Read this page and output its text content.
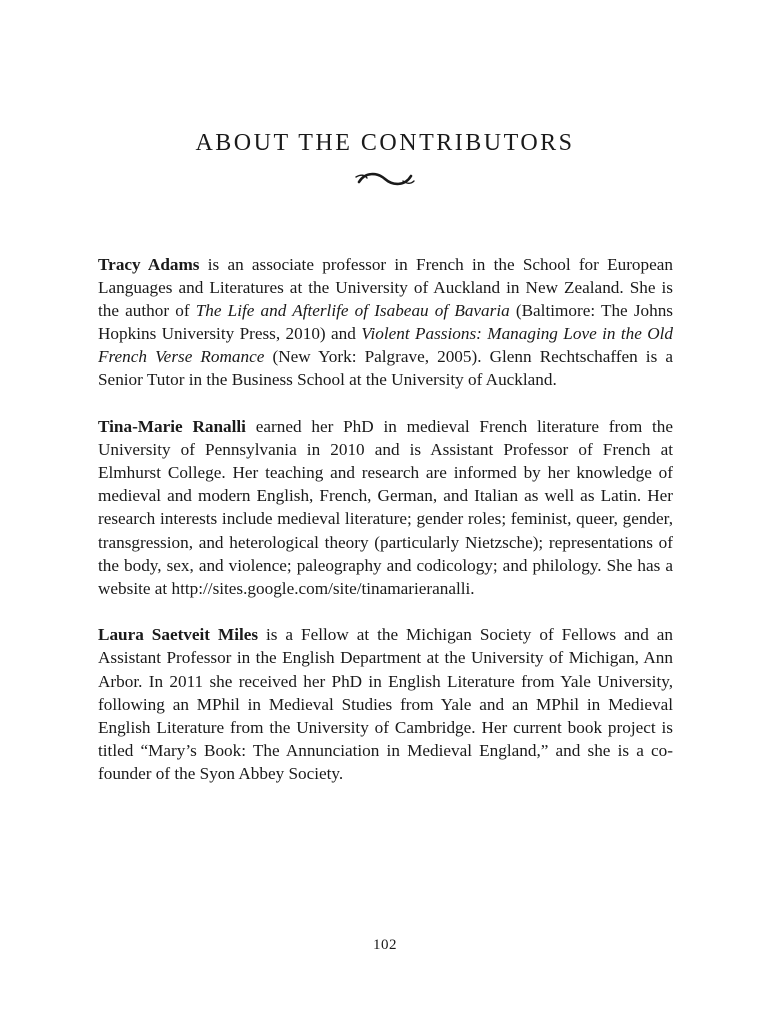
ABOUT THE CONTRIBUTORS

Tracy Adams is an associate professor in French in the School for European Languages and Literatures at the University of Auckland in New Zealand. She is the author of The Life and Afterlife of Isabeau of Bavaria (Baltimore: The Johns Hopkins University Press, 2010) and Violent Passions: Managing Love in the Old French Verse Romance (New York: Palgrave, 2005). Glenn Rechtschaffen is a Senior Tutor in the Business School at the University of Auckland.

Tina-Marie Ranalli earned her PhD in medieval French literature from the University of Pennsylvania in 2010 and is Assistant Professor of French at Elmhurst College. Her teaching and research are informed by her knowledge of medieval and modern English, French, German, and Italian as well as Latin. Her research interests include medieval literature; gender roles; feminist, queer, gender, transgression, and heterological theory (particularly Nietzsche); representations of the body, sex, and violence; paleography and codicology; and philology. She has a website at http://sites.google.com/site/tinamarieranalli.

Laura Saetveit Miles is a Fellow at the Michigan Society of Fellows and an Assistant Professor in the English Department at the University of Michigan, Ann Arbor. In 2011 she received her PhD in English Literature from Yale University, following an MPhil in Medieval Studies from Yale and an MPhil in Medieval English Literature from the University of Cambridge. Her current book project is titled “Mary’s Book: The Annunciation in Medieval England,” and she is a co-founder of the Syon Abbey Society.

102
